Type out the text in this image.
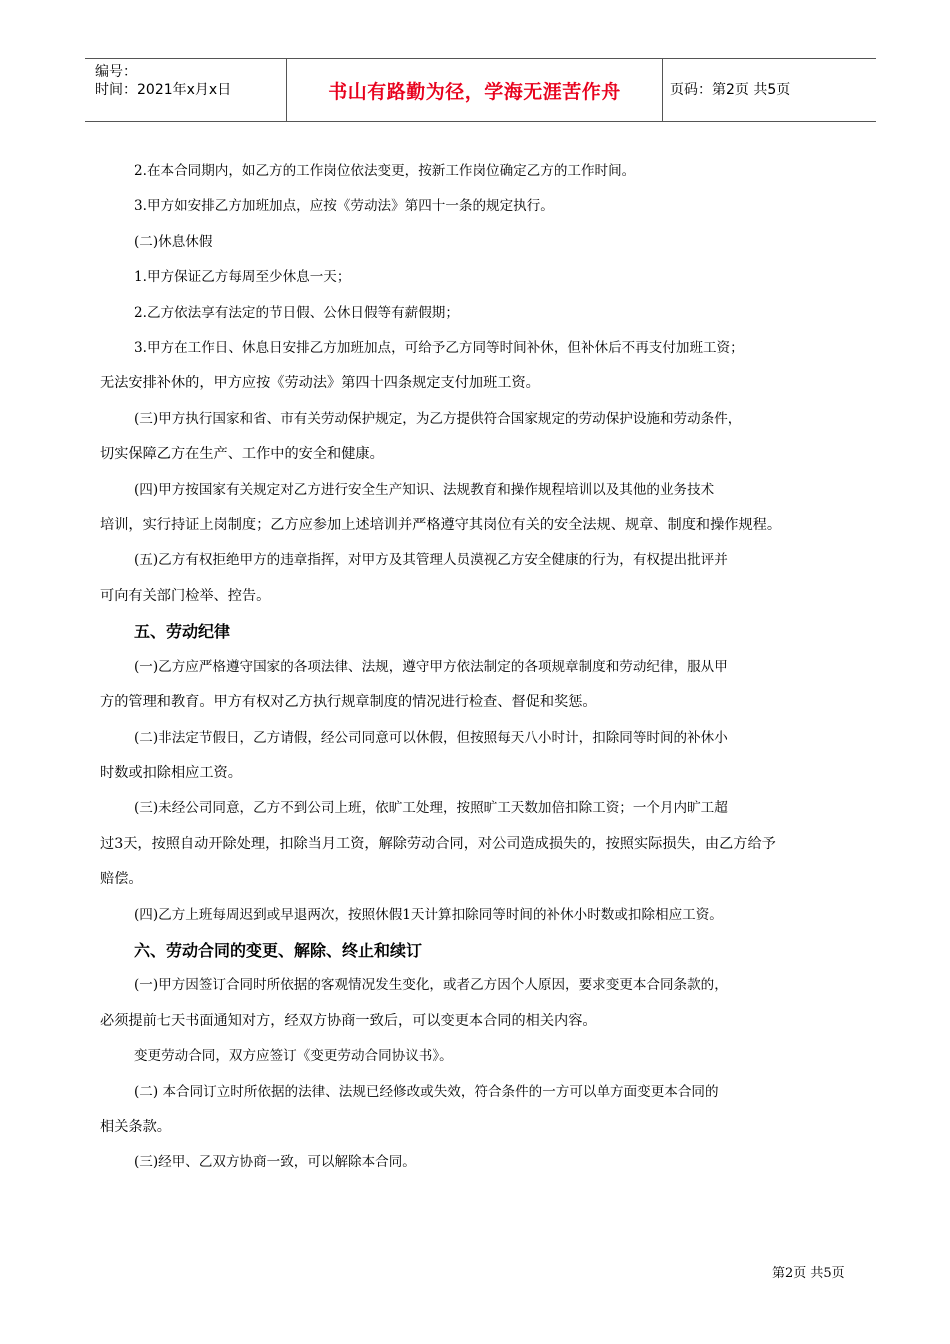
编号：
时间：2021年x月x日	书山有路勤为径，学海无涯苦作舟	页码：第2页 共5页

2.在本合同期内，如乙方的工作岗位依法变更，按新工作岗位确定乙方的工作时间。

3.甲方如安排乙方加班加点，应按《劳动法》第四十一条的规定执行。

(二)休息休假

1.甲方保证乙方每周至少休息一天；

2.乙方依法享有法定的节日假、公休日假等有薪假期；

3.甲方在工作日、休息日安排乙方加班加点，可给予乙方同等时间补休，但补休后不再支付加班工资；
无法安排补休的，甲方应按《劳动法》第四十四条规定支付加班工资。

(三)甲方执行国家和省、市有关劳动保护规定，为乙方提供符合国家规定的劳动保护设施和劳动条件，
切实保障乙方在生产、工作中的安全和健康。

(四)甲方按国家有关规定对乙方进行安全生产知识、法规教育和操作规程培训以及其他的业务技术
培训，实行持证上岗制度；乙方应参加上述培训并严格遵守其岗位有关的安全法规、规章、制度和操作规程。

(五)乙方有权拒绝甲方的违章指挥，对甲方及其管理人员漠视乙方安全健康的行为，有权提出批评并
可向有关部门检举、控告。

五、劳动纪律

(一)乙方应严格遵守国家的各项法律、法规，遵守甲方依法制定的各项规章制度和劳动纪律，服从甲
方的管理和教育。甲方有权对乙方执行规章制度的情况进行检查、督促和奖惩。

(二)非法定节假日，乙方请假，经公司同意可以休假，但按照每天八小时计，扣除同等时间的补休小
时数或扣除相应工资。

(三)未经公司同意，乙方不到公司上班，依旷工处理，按照旷工天数加倍扣除工资；一个月内旷工超
过3天，按照自动开除处理，扣除当月工资，解除劳动合同，对公司造成损失的，按照实际损失，由乙方给予
赔偿。

(四)乙方上班每周迟到或早退两次，按照休假1天计算扣除同等时间的补休小时数或扣除相应工资。

六、劳动合同的变更、解除、终止和续订

(一)甲方因签订合同时所依据的客观情况发生变化，或者乙方因个人原因，要求变更本合同条款的，
必须提前七天书面通知对方，经双方协商一致后，可以变更本合同的相关内容。

变更劳动合同，双方应签订《变更劳动合同协议书》。

(二) 本合同订立时所依据的法律、法规已经修改或失效，符合条件的一方可以单方面变更本合同的
相关条款。

(三)经甲、乙双方协商一致，可以解除本合同。

第2页 共5页
